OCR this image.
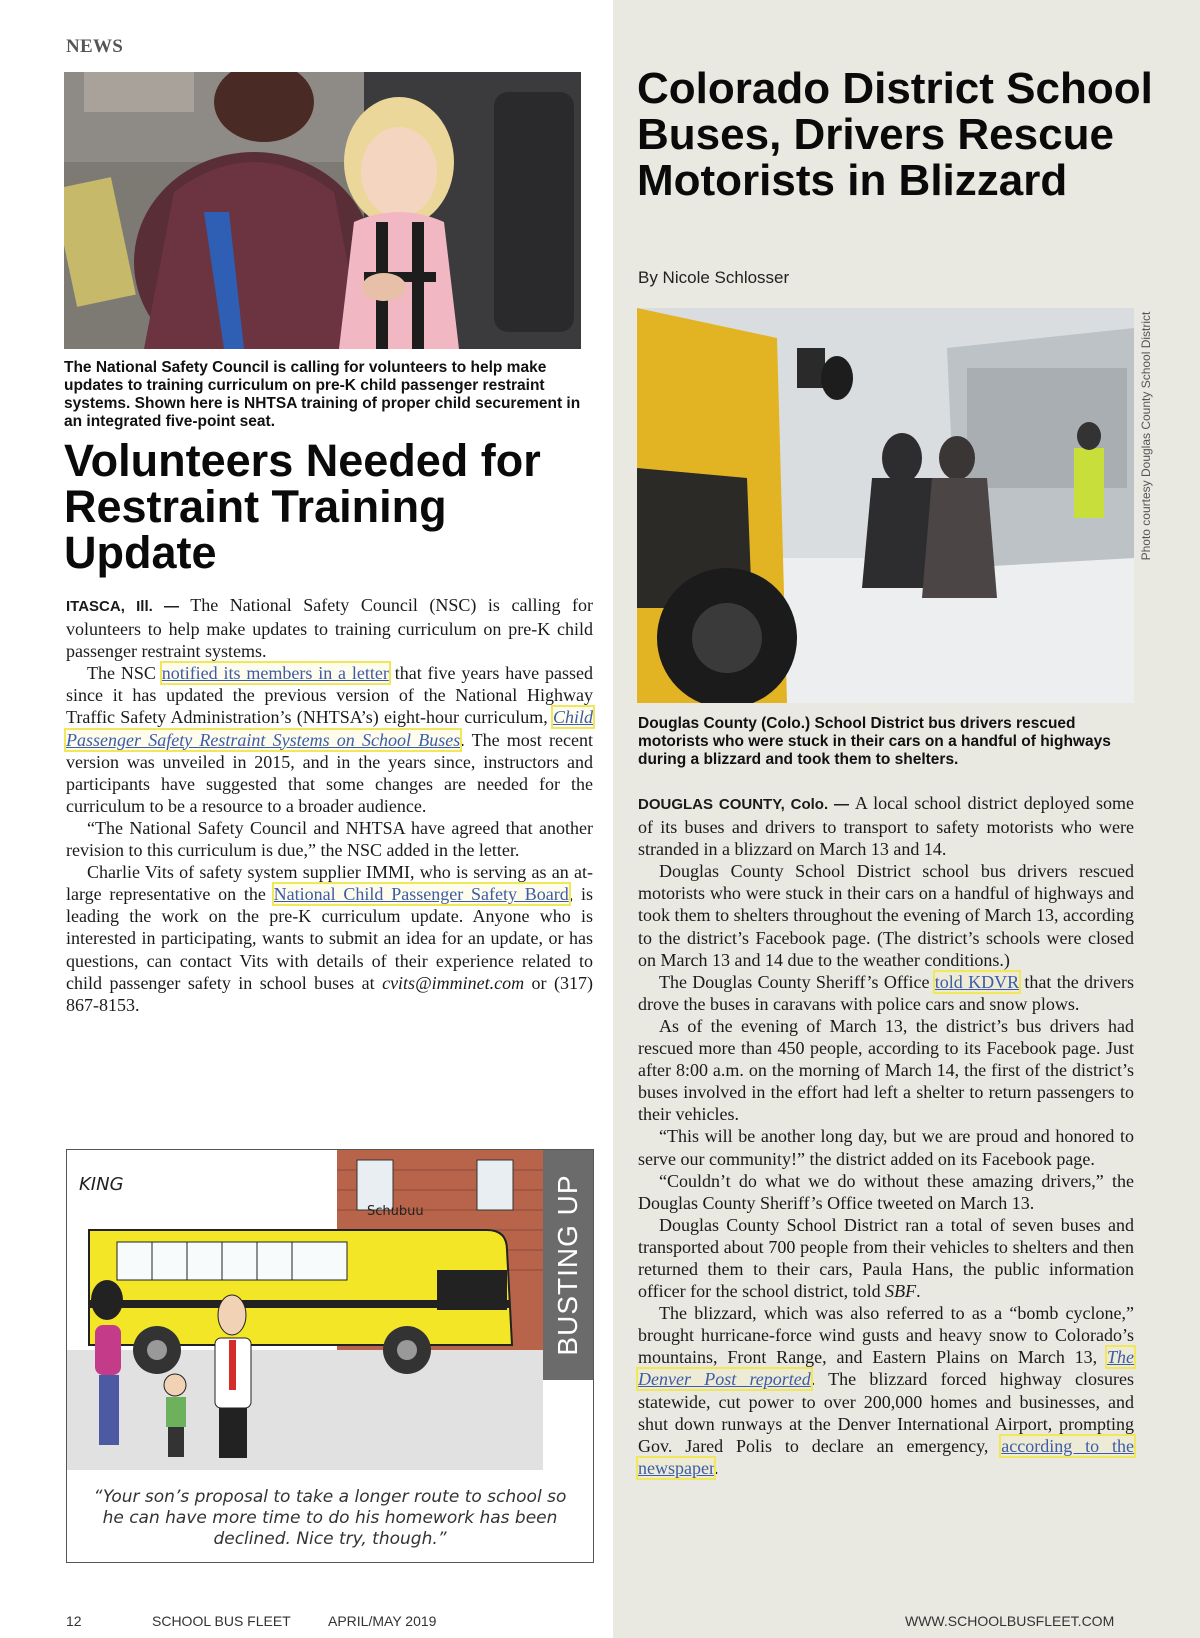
NEWS
The National Safety Council is calling for volunteers to help make updates to training curriculum on pre-K child passenger restraint systems. Shown here is NHTSA training of proper child securement in an integrated five-point seat.
Volunteers Needed for Restraint Training Update

ITASCA, Ill. — The National Safety Council (NSC) is calling for volunteers to help make updates to training curriculum on pre-K child passenger restraint systems.

The NSC notified its members in a letter that five years have passed since it has updated the previous version of the National Highway Traffic Safety Administration’s (NHTSA’s) eight-hour curriculum, Child Passenger Safety Restraint Systems on School Buses. The most recent version was unveiled in 2015, and in the years since, instructors and participants have suggested that some changes are needed for the curriculum to be a resource to a broader audience.

“The National Safety Council and NHTSA have agreed that another revision to this curriculum is due,” the NSC added in the letter.

Charlie Vits of safety system supplier IMMI, who is serving as an at-large representative on the National Child Passenger Safety Board, is leading the work on the pre-K curriculum update. Anyone who is interested in participating, wants to submit an idea for an update, or has questions, can contact Vits with details of their experience related to child passenger safety in school buses at cvits@imminet.com or (317) 867-8153.

Schubuu
KING	BUSTING UP
“Your son’s proposal to take a longer route to school so he can have more time to do his homework has been declined. Nice try, though.”
Colorado District School Buses, Drivers Rescue Motorists in Blizzard
By Nicole Schlosser
Photo courtesy Douglas County School District
Douglas County (Colo.) School District bus drivers rescued motorists who were stuck in their cars on a handful of highways during a blizzard and took them to shelters.

DOUGLAS COUNTY, Colo. — A local school district deployed some of its buses and drivers to transport to safety motorists who were stranded in a blizzard on March 13 and 14.

Douglas County School District school bus drivers rescued motorists who were stuck in their cars on a handful of highways and took them to shelters throughout the evening of March 13, according to the district’s Facebook page. (The district’s schools were closed on March 13 and 14 due to the weather conditions.)

The Douglas County Sheriff’s Office told KDVR that the drivers drove the buses in caravans with police cars and snow plows.

As of the evening of March 13, the district’s bus drivers had rescued more than 450 people, according to its Facebook page. Just after 8:00 a.m. on the morning of March 14, the first of the district’s buses involved in the effort had left a shelter to return passengers to their vehicles.

“This will be another long day, but we are proud and honored to serve our community!” the district added on its Facebook page.

“Couldn’t do what we do without these amazing drivers,” the Douglas County Sheriff’s Office tweeted on March 13.

Douglas County School District ran a total of seven buses and transported about 700 people from their vehicles to shelters and then returned them to their cars, Paula Hans, the public information officer for the school district, told SBF.

The blizzard, which was also referred to as a “bomb cyclone,” brought hurricane-force wind gusts and heavy snow to Colorado’s mountains, Front Range, and Eastern Plains on March 13, The Denver Post reported. The blizzard forced highway closures statewide, cut power to over 200,000 homes and businesses, and shut down runways at the Denver International Airport, prompting Gov. Jared Polis to declare an emergency, according to the newspaper.

12	SCHOOL BUS FLEET	APRIL/MAY 2019	WWW.SCHOOLBUSFLEET.COM
